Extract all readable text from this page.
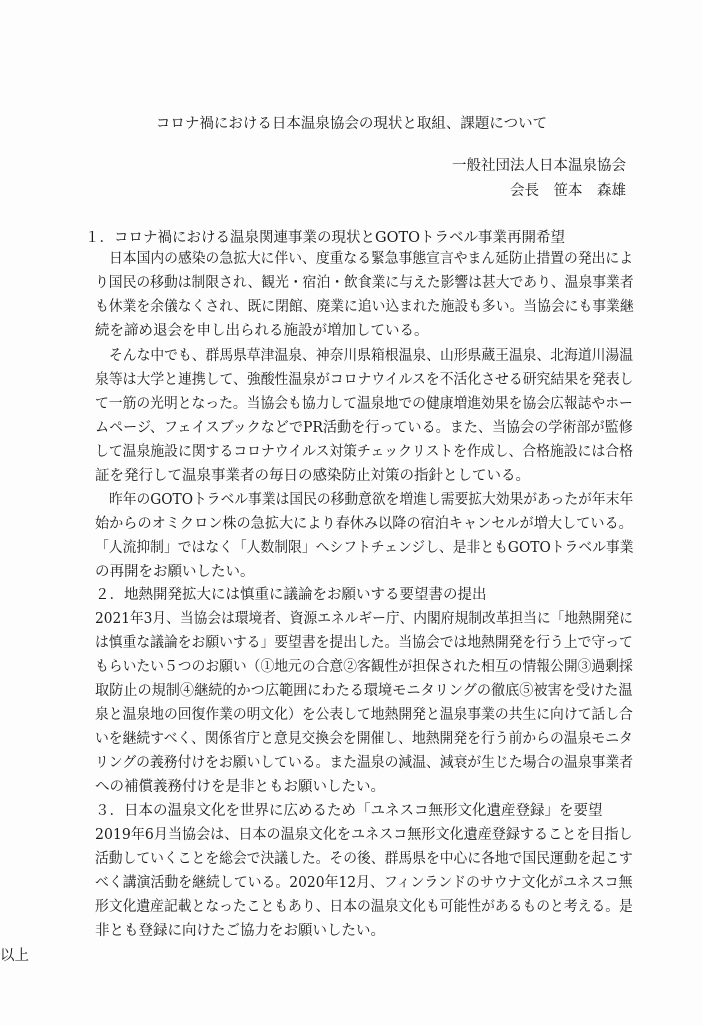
コロナ禍における日本温泉協会の現状と取組、課題について
一般社団法人日本温泉協会
会長　笹本　森雄
１．コロナ禍における温泉関連事業の現状とGOTOトラベル事業再開希望
日本国内の感染の急拡大に伴い、度重なる緊急事態宣言やまん延防止措置の発出によ
り国民の移動は制限され、観光・宿泊・飲食業に与えた影響は甚大であり、温泉事業者
も休業を余儀なくされ、既に閉館、廃業に追い込まれた施設も多い。当協会にも事業継
続を諦め退会を申し出られる施設が増加している。
そんな中でも、群馬県草津温泉、神奈川県箱根温泉、山形県蔵王温泉、北海道川湯温
泉等は大学と連携して、強酸性温泉がコロナウイルスを不活化させる研究結果を発表し
て一筋の光明となった。当協会も協力して温泉地での健康増進効果を協会広報誌やホー
ムページ、フェイスブックなどでPR活動を行っている。また、当協会の学術部が監修
して温泉施設に関するコロナウイルス対策チェックリストを作成し、合格施設には合格
証を発行して温泉事業者の毎日の感染防止対策の指針としている。
昨年のGOTOトラベル事業は国民の移動意欲を増進し需要拡大効果があったが年末年
始からのオミクロン株の急拡大により春休み以降の宿泊キャンセルが増大している。
「人流抑制」ではなく「人数制限」へシフトチェンジし、是非ともGOTOトラベル事業
の再開をお願いしたい。
２．地熱開発拡大には慎重に議論をお願いする要望書の提出
2021年3月、当協会は環境者、資源エネルギー庁、内閣府規制改革担当に「地熱開発に
は慎重な議論をお願いする」要望書を提出した。当協会では地熱開発を行う上で守って
もらいたい５つのお願い（①地元の合意②客観性が担保された相互の情報公開③過剰採
取防止の規制④継続的かつ広範囲にわたる環境モニタリングの徹底⑤被害を受けた温
泉と温泉地の回復作業の明文化）を公表して地熱開発と温泉事業の共生に向けて話し合
いを継続すべく、関係省庁と意見交換会を開催し、地熱開発を行う前からの温泉モニタ
リングの義務付けをお願いしている。また温泉の減温、減衰が生じた場合の温泉事業者
への補償義務付けを是非ともお願いしたい。
３．日本の温泉文化を世界に広めるため「ユネスコ無形文化遺産登録」を要望
2019年6月当協会は、日本の温泉文化をユネスコ無形文化遺産登録することを目指し
活動していくことを総会で決議した。その後、群馬県を中心に各地で国民運動を起こす
べく講演活動を継続している。2020年12月、フィンランドのサウナ文化がユネスコ無
形文化遺産記載となったこともあり、日本の温泉文化も可能性があるものと考える。是
非とも登録に向けたご協力をお願いしたい。
以上
